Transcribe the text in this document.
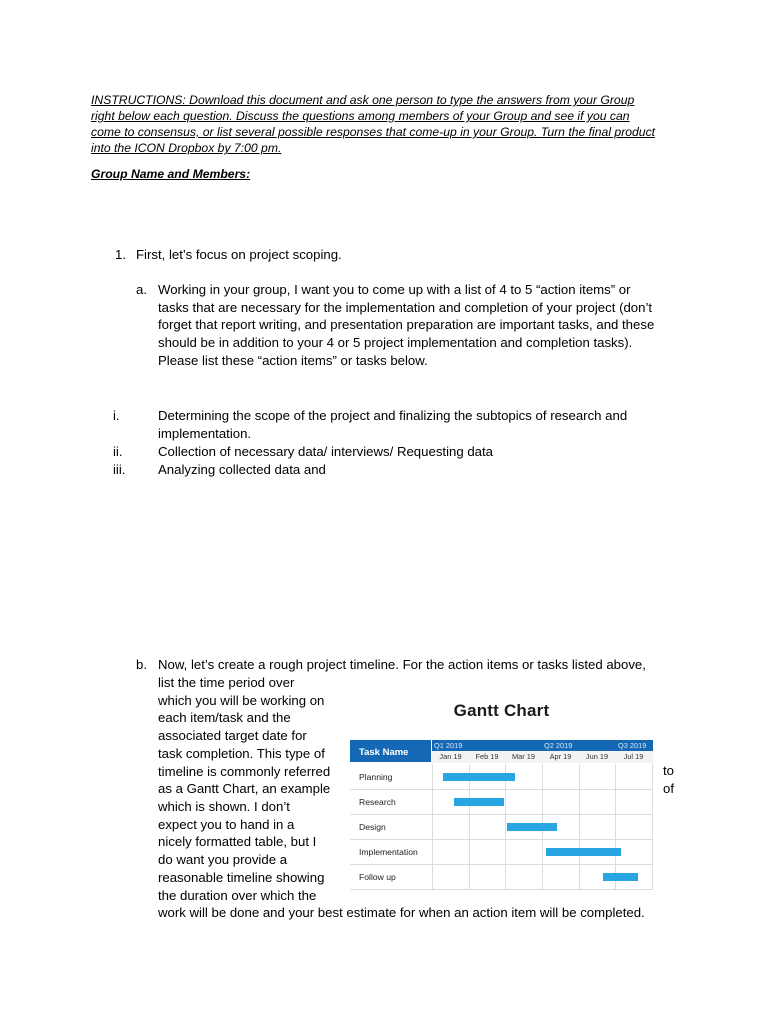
INSTRUCTIONS: Download this document and ask one person to type the answers from your Group
right below each question. Discuss the questions among members of your Group and see if you can
come to consensus, or list several possible responses that come-up in your Group. Turn the final product
into the ICON Dropbox by 7:00 pm.
Group Name and Members:
1. First, let’s focus on project scoping.
a. Working in your group, I want you to come up with a list of 4 to 5 “action items” or
tasks that are necessary for the implementation and completion of your project (don’t
forget that report writing, and presentation preparation are important tasks, and these
should be in addition to your 4 or 5 project implementation and completion tasks).
Please list these “action items” or tasks below.
i.	Determining the scope of the project and finalizing the subtopics of research and
implementation.
ii.	Collection of necessary data/ interviews/ Requesting data
iii. Analyzing collected data and
b. Now, let’s create a rough project timeline. For the action items or tasks listed above,
list the time period over
which you will be working on
each item/task and the
associated target date for
task completion. This type of
timeline is commonly referred
as a Gantt Chart, an example
which is shown. I don’t
expect you to hand in a
nicely formatted table, but I
do want you provide a
reasonable timeline showing
the duration over which the
to
of
work will be done and your best estimate for when an action item will be completed.
Gantt Chart
Task Name
Q1 2019	Q2 2019	Q3 2019
Jan 19	Feb 19	Mar 19	Apr 19	Jun 19	Jul 19
Planning
Research
Design
Implementation
Follow up
